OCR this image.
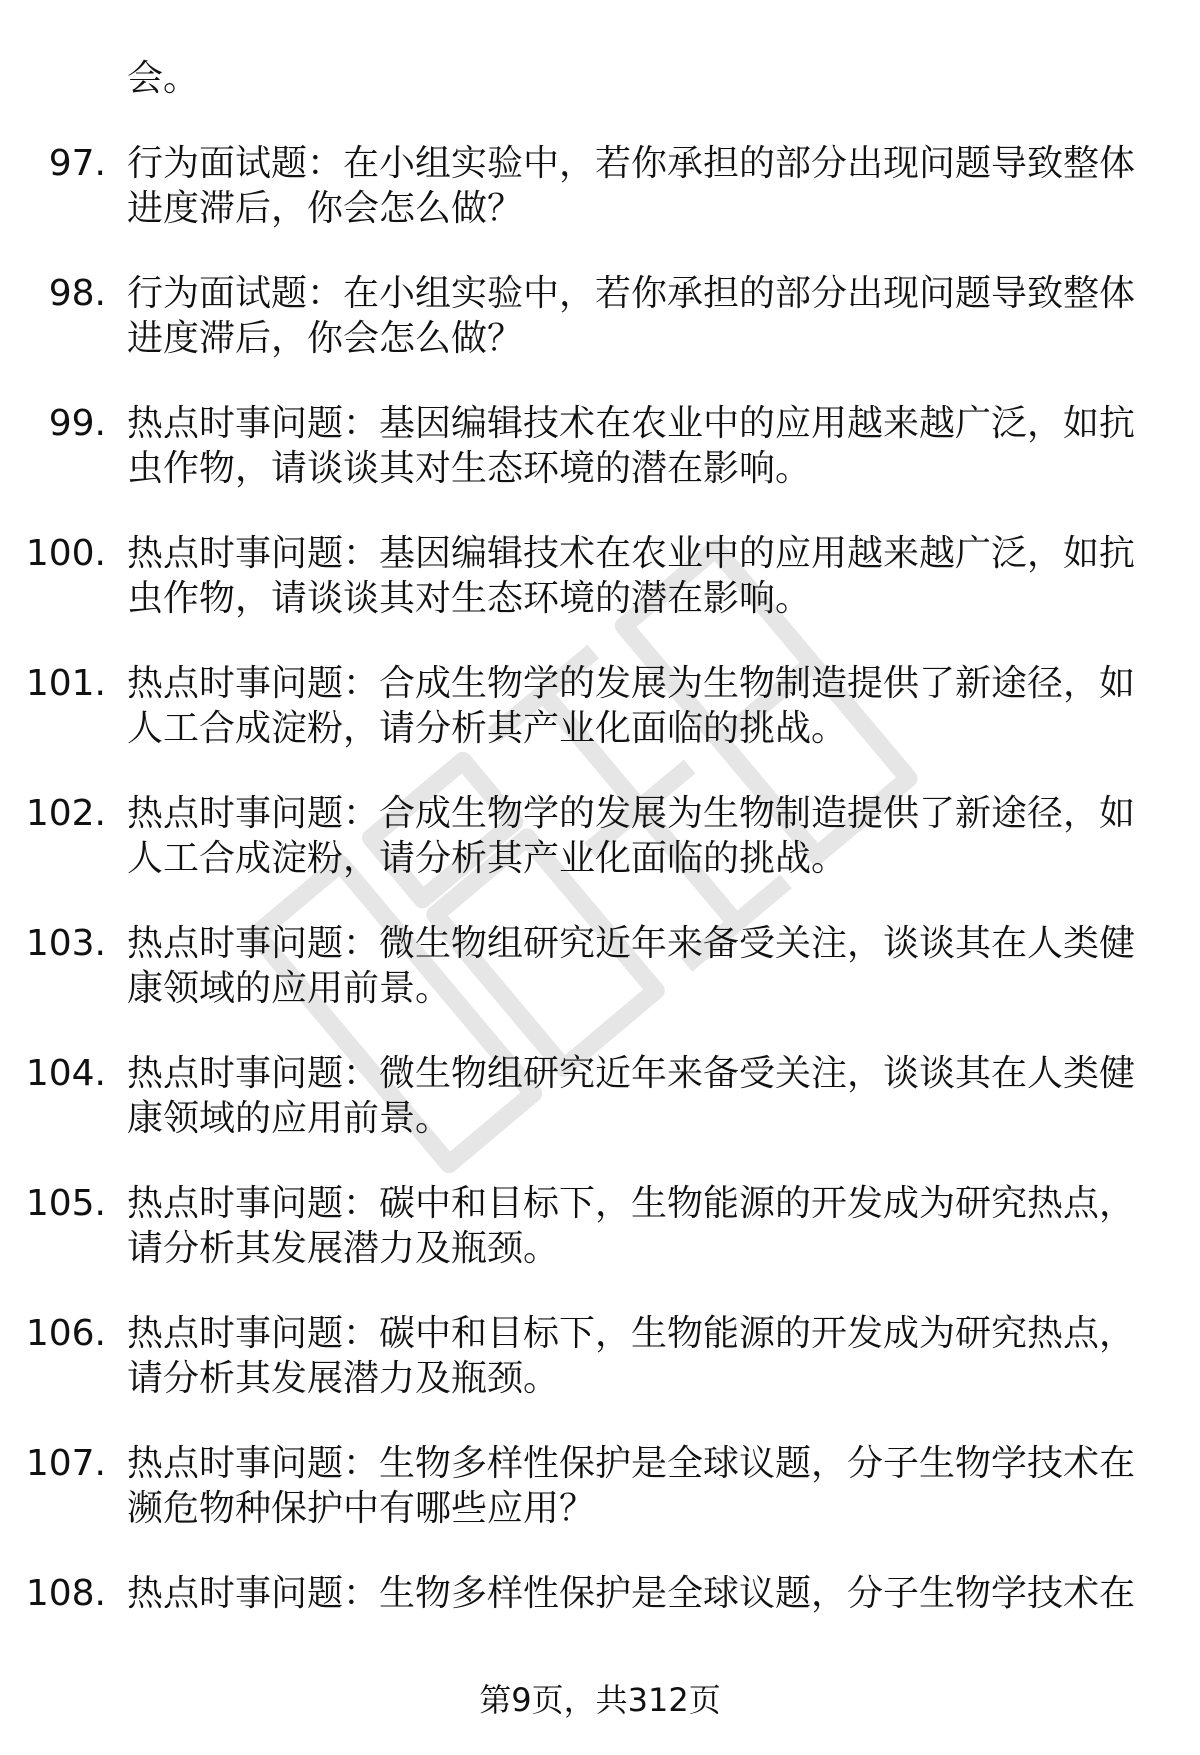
会。
97. 行为面试题：在小组实验中，若你承担的部分出现问题导致整体进度滞后，你会怎么做？
98. 行为面试题：在小组实验中，若你承担的部分出现问题导致整体进度滞后，你会怎么做？
99. 热点时事问题：基因编辑技术在农业中的应用越来越广泛，如抗虫作物，请谈谈其对生态环境的潜在影响。
100. 热点时事问题：基因编辑技术在农业中的应用越来越广泛，如抗虫作物，请谈谈其对生态环境的潜在影响。
101. 热点时事问题：合成生物学的发展为生物制造提供了新途径，如人工合成淀粉，请分析其产业化面临的挑战。
102. 热点时事问题：合成生物学的发展为生物制造提供了新途径，如人工合成淀粉，请分析其产业化面临的挑战。
103. 热点时事问题：微生物组研究近年来备受关注，谈谈其在人类健康领域的应用前景。
104. 热点时事问题：微生物组研究近年来备受关注，谈谈其在人类健康领域的应用前景。
105. 热点时事问题：碳中和目标下，生物能源的开发成为研究热点，请分析其发展潜力及瓶颈。
106. 热点时事问题：碳中和目标下，生物能源的开发成为研究热点，请分析其发展潜力及瓶颈。
107. 热点时事问题：生物多样性保护是全球议题，分子生物学技术在濒危物种保护中有哪些应用？
108. 热点时事问题：生物多样性保护是全球议题，分子生物学技术在
第9页，共312页
